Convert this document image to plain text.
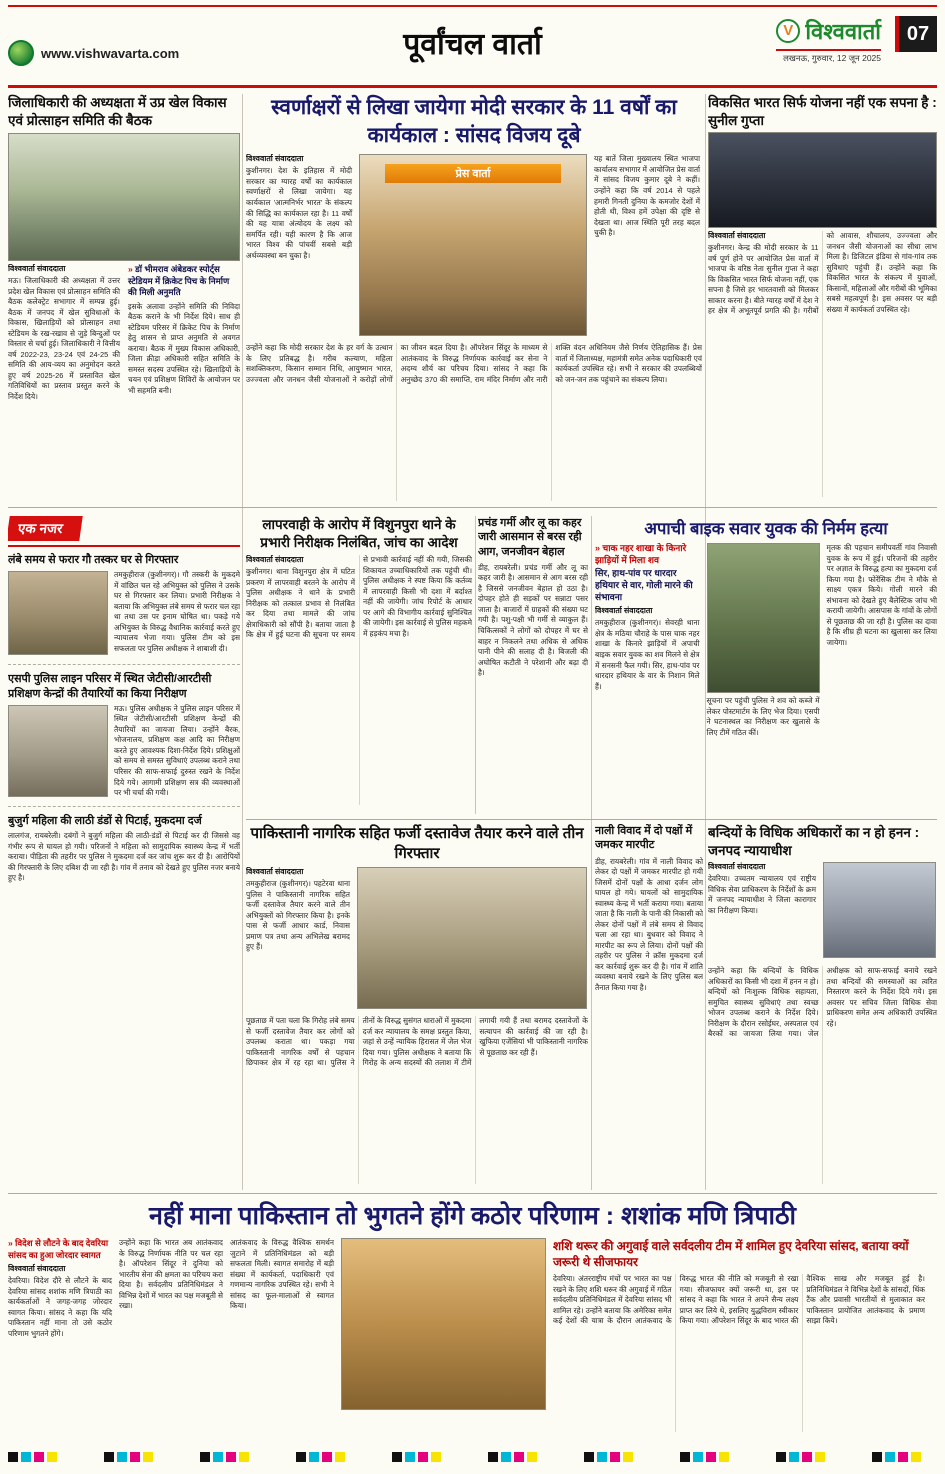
पूर्वांचल वार्ता
www.vishwavarta.com
V विश्ववार्ता
लखनऊ, गुरुवार, 12 जून 2025
07
जिलाधिकारी की अध्यक्षता में उप्र खेल विकास एवं प्रोत्साहन समिति की बैठक

विश्ववार्ता संवाददाता

मऊ। जिलाधिकारी की अध्यक्षता में उत्तर प्रदेश खेल विकास एवं प्रोत्साहन समिति की बैठक कलेक्ट्रेट सभागार में सम्पन्न हुई। बैठक में जनपद में खेल सुविधाओं के विकास, खिलाड़ियों को प्रोत्साहन तथा स्टेडियम के रख-रखाव से जुड़े बिन्दुओं पर विस्तार से चर्चा हुई। जिलाधिकारी ने वित्तीय वर्ष 2022-23, 23-24 एवं 24-25 की समिति की आय-व्यय का अनुमोदन करते हुए वर्ष 2025-26 में प्रस्तावित खेल गतिविधियों का प्रस्ताव प्रस्तुत करने के निर्देश दिये।

» डॉ भीमराव अंबेडकर स्पोर्ट्स स्टेडियम में क्रिकेट पिच के निर्माण की मिली अनुमति

इसके अलावा उन्होंने समिति की निविदा बैठक कराने के भी निर्देश दिये। साथ ही स्टेडियम परिसर में क्रिकेट पिच के निर्माण हेतु शासन से प्राप्त अनुमति से अवगत कराया। बैठक में मुख्य विकास अधिकारी, जिला क्रीड़ा अधिकारी सहित समिति के समस्त सदस्य उपस्थित रहे। खिलाड़ियों के चयन एवं प्रशिक्षण शिविरों के आयोजन पर भी सहमति बनी।

स्वर्णाक्षरों से लिखा जायेगा मोदी सरकार के 11 वर्षों का कार्यकाल : सांसद विजय दूबे

विश्ववार्ता संवाददाता

कुशीनगर। देश के इतिहास में मोदी सरकार का ग्यारह वर्षों का कार्यकाल स्वर्णाक्षरों से लिखा जायेगा। यह कार्यकाल 'आत्मनिर्भर भारत' के संकल्प की सिद्धि का कार्यकाल रहा है। 11 वर्षों की यह यात्रा अंत्योदय के लक्ष्य को समर्पित रही। यही कारण है कि आज भारत विश्व की पांचवीं सबसे बड़ी अर्थव्यवस्था बन चुका है।

प्रेस वार्ता

यह बातें जिला मुख्यालय स्थित भाजपा कार्यालय सभागार में आयोजित प्रेस वार्ता में सांसद विजय कुमार दूबे ने कहीं। उन्होंने कहा कि वर्ष 2014 से पहले हमारी गिनती दुनिया के कमजोर देशों में होती थी, विश्व हमें उपेक्षा की दृष्टि से देखता था। आज स्थिति पूरी तरह बदल चुकी है।

उन्होंने कहा कि मोदी सरकार देश के हर वर्ग के उत्थान के लिए प्रतिबद्ध है। गरीब कल्याण, महिला सशक्तिकरण, किसान सम्मान निधि, आयुष्मान भारत, उज्ज्वला और जनधन जैसी योजनाओं ने करोड़ों लोगों का जीवन बदल दिया है। ऑपरेशन सिंदूर के माध्यम से आतंकवाद के विरुद्ध निर्णायक कार्रवाई कर सेना ने अदम्य शौर्य का परिचय दिया। सांसद ने कहा कि अनुच्छेद 370 की समाप्ति, राम मंदिर निर्माण और नारी शक्ति वंदन अधिनियम जैसे निर्णय ऐतिहासिक हैं। प्रेस वार्ता में जिलाध्यक्ष, महामंत्री समेत अनेक पदाधिकारी एवं कार्यकर्ता उपस्थित रहे। सभी ने सरकार की उपलब्धियों को जन-जन तक पहुंचाने का संकल्प लिया।

विकसित भारत सिर्फ योजना नहीं एक सपना है : सुनील गुप्ता

विश्ववार्ता संवाददाता

कुशीनगर। केन्द्र की मोदी सरकार के 11 वर्ष पूर्ण होने पर आयोजित प्रेस वार्ता में भाजपा के वरिष्ठ नेता सुनील गुप्ता ने कहा कि विकसित भारत सिर्फ योजना नहीं, एक सपना है जिसे हर भारतवासी को मिलकर साकार करना है। बीते ग्यारह वर्षों में देश ने हर क्षेत्र में अभूतपूर्व प्रगति की है। गरीबों को आवास, शौचालय, उज्ज्वला और जनधन जैसी योजनाओं का सीधा लाभ मिला है। डिजिटल इंडिया से गांव-गांव तक सुविधाएं पहुंची हैं। उन्होंने कहा कि विकसित भारत के संकल्प में युवाओं, किसानों, महिलाओं और गरीबों की भूमिका सबसे महत्वपूर्ण है। इस अवसर पर बड़ी संख्या में कार्यकर्ता उपस्थित रहे।

एक नजर
लंबे समय से फरार गौ तस्कर घर से गिरफ्तार

तमकुहीराज (कुशीनगर)। गौ तस्करी के मुकदमे में वांछित चल रहे अभियुक्त को पुलिस ने उसके घर से गिरफ्तार कर लिया। प्रभारी निरीक्षक ने बताया कि अभियुक्त लंबे समय से फरार चल रहा था तथा उस पर इनाम घोषित था। पकड़े गये अभियुक्त के विरुद्ध वैधानिक कार्रवाई करते हुए न्यायालय भेजा गया। पुलिस टीम को इस सफलता पर पुलिस अधीक्षक ने शाबाशी दी।

एसपी पुलिस लाइन परिसर में स्थित जेटीसी/आरटीसी प्रशिक्षण केन्द्रों की तैयारियों का किया निरीक्षण

मऊ। पुलिस अधीक्षक ने पुलिस लाइन परिसर में स्थित जेटीसी/आरटीसी प्रशिक्षण केन्द्रों की तैयारियों का जायजा लिया। उन्होंने बैरक, भोजनालय, प्रशिक्षण कक्ष आदि का निरीक्षण करते हुए आवश्यक दिशा-निर्देश दिये। प्रशिक्षुओं को समय से समस्त सुविधाएं उपलब्ध कराने तथा परिसर की साफ-सफाई दुरुस्त रखने के निर्देश दिये गये। आगामी प्रशिक्षण सत्र की व्यवस्थाओं पर भी चर्चा की गयी।

बुजुर्ग महिला की लाठी डंडों से पिटाई, मुकदमा दर्ज

लालगंज, रायबरेली। दबंगों ने बुजुर्ग महिला की लाठी-डंडों से पिटाई कर दी जिससे वह गंभीर रूप से घायल हो गयी। परिजनों ने महिला को सामुदायिक स्वास्थ्य केन्द्र में भर्ती कराया। पीड़िता की तहरीर पर पुलिस ने मुकदमा दर्ज कर जांच शुरू कर दी है। आरोपियों की गिरफ्तारी के लिए दबिश दी जा रही है। गांव में तनाव को देखते हुए पुलिस नजर बनाये हुए है।

लापरवाही के आरोप में विशुनपुरा थाने के प्रभारी निरीक्षक निलंबित, जांच का आदेश

विश्ववार्ता संवाददाता

कुशीनगर। थाना विशुनपुरा क्षेत्र में घटित प्रकरण में लापरवाही बरतने के आरोप में पुलिस अधीक्षक ने थाने के प्रभारी निरीक्षक को तत्काल प्रभाव से निलंबित कर दिया तथा मामले की जांच क्षेत्राधिकारी को सौंपी है। बताया जाता है कि क्षेत्र में हुई घटना की सूचना पर समय से प्रभावी कार्रवाई नहीं की गयी, जिसकी शिकायत उच्चाधिकारियों तक पहुंची थी। पुलिस अधीक्षक ने स्पष्ट किया कि कर्तव्य में लापरवाही किसी भी दशा में बर्दाश्त नहीं की जायेगी। जांच रिपोर्ट के आधार पर आगे की विभागीय कार्रवाई सुनिश्चित की जायेगी। इस कार्रवाई से पुलिस महकमे में हड़कंप मचा है।

प्रचंड गर्मी और लू का कहर जारी आसमान से बरस रही आग, जनजीवन बेहाल

डीह, रायबरेली। प्रचंड गर्मी और लू का कहर जारी है। आसमान से आग बरस रही है जिससे जनजीवन बेहाल हो उठा है। दोपहर होते ही सड़कों पर सन्नाटा पसर जाता है। बाजारों में ग्राहकों की संख्या घट गयी है। पशु-पक्षी भी गर्मी से व्याकुल हैं। चिकित्सकों ने लोगों को दोपहर में घर से बाहर न निकलने तथा अधिक से अधिक पानी पीने की सलाह दी है। बिजली की अघोषित कटौती ने परेशानी और बढ़ा दी है।

अपाची बाइक सवार युवक की निर्मम हत्या

» चाक नहर शाखा के किनारे झाड़ियों में मिला शव

सिर, हाथ-पांव पर धारदार हथियार से वार, गोली मारने की संभावना

विश्ववार्ता संवाददाता

तमकुहीराज (कुशीनगर)। सेवरही थाना क्षेत्र के मठिया चौराहे के पास चाक नहर शाखा के किनारे झाड़ियों में अपाची बाइक सवार युवक का शव मिलने से क्षेत्र में सनसनी फैल गयी। सिर, हाथ-पांव पर धारदार हथियार के वार के निशान मिले हैं।

सूचना पर पहुंची पुलिस ने शव को कब्जे में लेकर पोस्टमार्टम के लिए भेज दिया। एसपी ने घटनास्थल का निरीक्षण कर खुलासे के लिए टीमें गठित कीं।

मृतक की पहचान समीपवर्ती गांव निवासी युवक के रूप में हुई। परिजनों की तहरीर पर अज्ञात के विरुद्ध हत्या का मुकदमा दर्ज किया गया है। फोरेंसिक टीम ने मौके से साक्ष्य एकत्र किये। गोली मारने की संभावना को देखते हुए बैलेस्टिक जांच भी करायी जायेगी। आसपास के गांवों के लोगों से पूछताछ की जा रही है। पुलिस का दावा है कि शीघ्र ही घटना का खुलासा कर लिया जायेगा।

पाकिस्तानी नागरिक सहित फर्जी दस्तावेज तैयार करने वाले तीन गिरफ्तार

विश्ववार्ता संवाददाता

तमकुहीराज (कुशीनगर)। पहटेरवा थाना पुलिस ने पाकिस्तानी नागरिक सहित फर्जी दस्तावेज तैयार करने वाले तीन अभियुक्तों को गिरफ्तार किया है। इनके पास से फर्जी आधार कार्ड, निवास प्रमाण पत्र तथा अन्य अभिलेख बरामद हुए हैं।

पूछताछ में पता चला कि गिरोह लंबे समय से फर्जी दस्तावेज तैयार कर लोगों को उपलब्ध कराता था। पकड़ा गया पाकिस्तानी नागरिक वर्षों से पहचान छिपाकर क्षेत्र में रह रहा था। पुलिस ने तीनों के विरुद्ध सुसंगत धाराओं में मुकदमा दर्ज कर न्यायालय के समक्ष प्रस्तुत किया, जहां से उन्हें न्यायिक हिरासत में जेल भेज दिया गया। पुलिस अधीक्षक ने बताया कि गिरोह के अन्य सदस्यों की तलाश में टीमें लगायी गयी हैं तथा बरामद दस्तावेजों के सत्यापन की कार्रवाई की जा रही है। खुफिया एजेंसियां भी पाकिस्तानी नागरिक से पूछताछ कर रही हैं।

नाली विवाद में दो पक्षों में जमकर मारपीट

डीह, रायबरेली। गांव में नाली विवाद को लेकर दो पक्षों में जमकर मारपीट हो गयी जिसमें दोनों पक्षों के आधा दर्जन लोग घायल हो गये। घायलों को सामुदायिक स्वास्थ्य केन्द्र में भर्ती कराया गया। बताया जाता है कि नाली के पानी की निकासी को लेकर दोनों पक्षों में लंबे समय से विवाद चला आ रहा था। बुधवार को विवाद ने मारपीट का रूप ले लिया। दोनों पक्षों की तहरीर पर पुलिस ने क्रॉस मुकदमा दर्ज कर कार्रवाई शुरू कर दी है। गांव में शांति व्यवस्था बनाये रखने के लिए पुलिस बल तैनात किया गया है।

बन्दियों के विधिक अधिकारों का न हो हनन : जनपद न्यायाधीश

विश्ववार्ता संवाददाता

देवरिया। उच्चतम न्यायालय एवं राष्ट्रीय विधिक सेवा प्राधिकरण के निर्देशों के क्रम में जनपद न्यायाधीश ने जिला कारागार का निरीक्षण किया।

उन्होंने कहा कि बन्दियों के विधिक अधिकारों का किसी भी दशा में हनन न हो। बन्दियों को निःशुल्क विधिक सहायता, समुचित स्वास्थ्य सुविधाएं तथा स्वच्छ भोजन उपलब्ध कराने के निर्देश दिये। निरीक्षण के दौरान रसोईघर, अस्पताल एवं बैरकों का जायजा लिया गया। जेल अधीक्षक को साफ-सफाई बनाये रखने तथा बन्दियों की समस्याओं का त्वरित निस्तारण करने के निर्देश दिये गये। इस अवसर पर सचिव जिला विधिक सेवा प्राधिकरण समेत अन्य अधिकारी उपस्थित रहे।

नहीं माना पाकिस्तान तो भुगतने होंगे कठोर परिणाम : शशांक मणि त्रिपाठी

» विदेश से लौटने के बाद देवरिया सांसद का हुआ जोरदार स्वागत

विश्ववार्ता संवाददाता

देवरिया। विदेश दौरे से लौटने के बाद देवरिया सांसद शशांक मणि त्रिपाठी का कार्यकर्ताओं ने जगह-जगह जोरदार स्वागत किया। सांसद ने कहा कि यदि पाकिस्तान नहीं माना तो उसे कठोर परिणाम भुगतने होंगे।

उन्होंने कहा कि भारत अब आतंकवाद के विरुद्ध निर्णायक नीति पर चल रहा है। ऑपरेशन सिंदूर ने दुनिया को भारतीय सेना की क्षमता का परिचय करा दिया है। सर्वदलीय प्रतिनिधिमंडल ने विभिन्न देशों में भारत का पक्ष मजबूती से रखा।

आतंकवाद के विरुद्ध वैश्विक समर्थन जुटाने में प्रतिनिधिमंडल को बड़ी सफलता मिली। स्वागत समारोह में बड़ी संख्या में कार्यकर्ता, पदाधिकारी एवं गणमान्य नागरिक उपस्थित रहे। सभी ने सांसद का फूल-मालाओं से स्वागत किया।

शशि थरूर की अगुवाई वाले सर्वदलीय टीम में शामिल हुए देवरिया सांसद, बताया क्यों जरूरी थे सीजफायर

देवरिया। अंतरराष्ट्रीय मंचों पर भारत का पक्ष रखने के लिए शशि थरूर की अगुवाई में गठित सर्वदलीय प्रतिनिधिमंडल में देवरिया सांसद भी शामिल रहे। उन्होंने बताया कि अमेरिका समेत कई देशों की यात्रा के दौरान आतंकवाद के विरुद्ध भारत की नीति को मजबूती से रखा गया। सीजफायर क्यों जरूरी था, इस पर सांसद ने कहा कि भारत ने अपने सैन्य लक्ष्य प्राप्त कर लिये थे, इसलिए युद्धविराम स्वीकार किया गया। ऑपरेशन सिंदूर के बाद भारत की वैश्विक साख और मजबूत हुई है। प्रतिनिधिमंडल ने विभिन्न देशों के सांसदों, थिंक टैंक और प्रवासी भारतीयों से मुलाकात कर पाकिस्तान प्रायोजित आतंकवाद के प्रमाण साझा किये।
